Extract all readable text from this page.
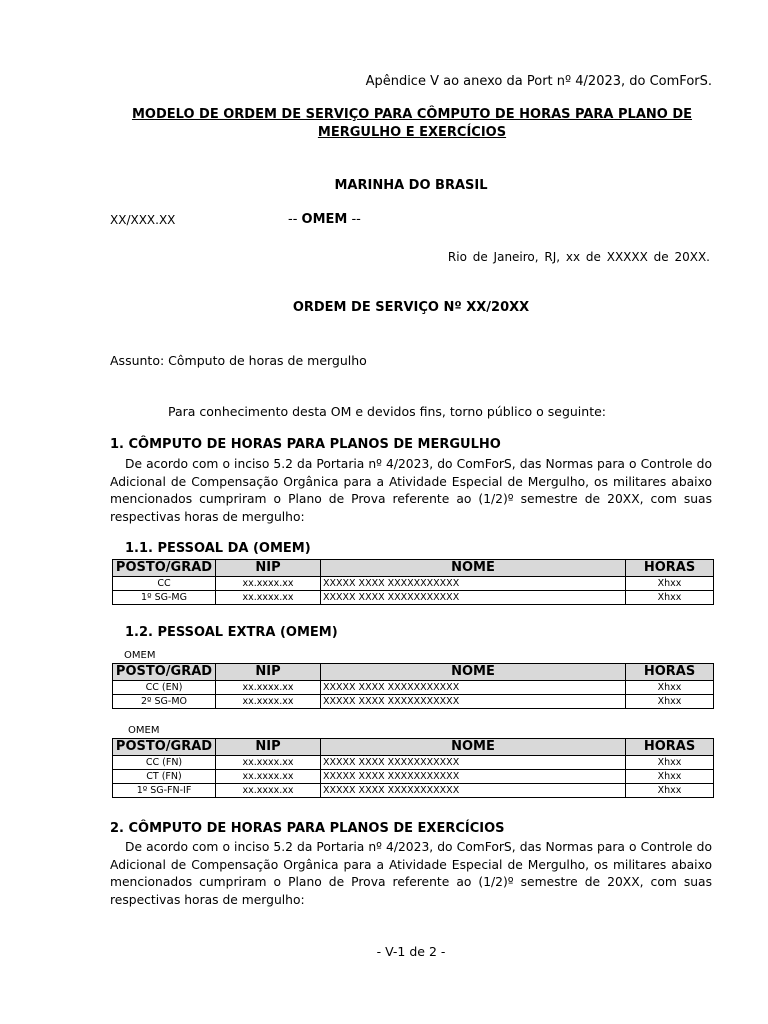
Apêndice V ao anexo da Port nº 4/2023, do ComForS.
MODELO DE ORDEM DE SERVIÇO PARA CÔMPUTO DE HORAS PARA PLANO DE
MERGULHO E EXERCÍCIOS
MARINHA DO BRASIL
XX/XXX.XX	-- OMEM --
Rio de Janeiro, RJ, xx de XXXXX de 20XX.
ORDEM DE SERVIÇO Nº XX/20XX
Assunto: Cômputo de horas de mergulho
Para conhecimento desta OM e devidos fins, torno público o seguinte:
1. CÔMPUTO DE HORAS PARA PLANOS DE MERGULHO
De acordo com o inciso 5.2 da Portaria nº 4/2023, do ComForS, das Normas para o Controle do Adicional de Compensação Orgânica para a Atividade Especial de Mergulho, os militares abaixo mencionados cumpriram o Plano de Prova referente ao (1/2)º semestre de 20XX, com suas respectivas horas de mergulho:
1.1. PESSOAL DA (OMEM)
POSTO/GRAD	NIP	NOME	HORAS
CC	xx.xxxx.xx	XXXXX XXXX XXXXXXXXXXX	Xhxx
1º SG-MG	xx.xxxx.xx	XXXXX XXXX XXXXXXXXXXX	Xhxx
1.2. PESSOAL EXTRA (OMEM)
OMEM
POSTO/GRAD	NIP	NOME	HORAS
CC (EN)	xx.xxxx.xx	XXXXX XXXX XXXXXXXXXXX	Xhxx
2º SG-MO	xx.xxxx.xx	XXXXX XXXX XXXXXXXXXXX	Xhxx
OMEM
POSTO/GRAD	NIP	NOME	HORAS
CC (FN)	xx.xxxx.xx	XXXXX XXXX XXXXXXXXXXX	Xhxx
CT (FN)	xx.xxxx.xx	XXXXX XXXX XXXXXXXXXXX	Xhxx
1º SG-FN-IF	xx.xxxx.xx	XXXXX XXXX XXXXXXXXXXX	Xhxx
2. CÔMPUTO DE HORAS PARA PLANOS DE EXERCÍCIOS
De acordo com o inciso 5.2 da Portaria nº 4/2023, do ComForS, das Normas para o Controle do Adicional de Compensação Orgânica para a Atividade Especial de Mergulho, os militares abaixo mencionados cumpriram o Plano de Prova referente ao (1/2)º semestre de 20XX, com suas respectivas horas de mergulho:
- V-1 de 2 -
